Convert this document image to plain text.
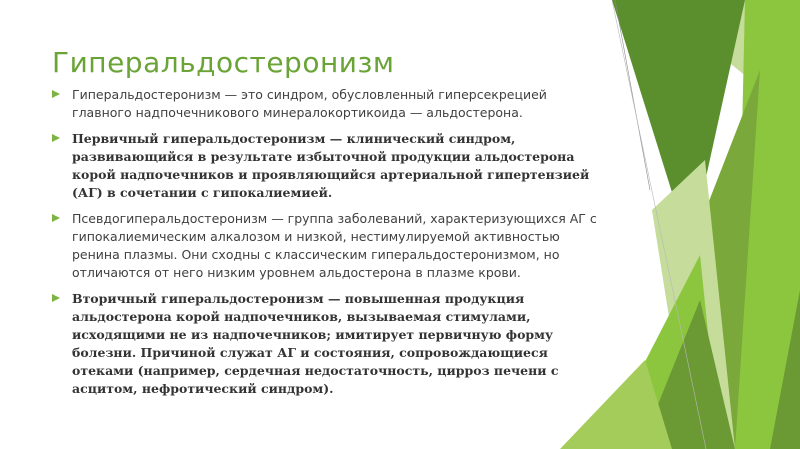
Гиперальдостеронизм
Гиперальдостеронизм — это синдром, обусловленный гиперсекрецией главного надпочечникового минералокортикоида — альдостерона.
Первичный гиперальдостеронизм — клинический синдром, развивающийся в результате избыточной продукции альдостерона корой надпочечников и проявляющийся артериальной гипертензией (АГ) в сочетании с гипокалиемией.
Псевдогиперальдостеронизм — группа заболеваний, характеризующихся АГ с гипокалиемическим алкалозом и низкой, нестимулируемой активностью ренина плазмы. Они сходны с классическим гиперальдостеронизмом, но отличаются от него низким уровнем альдостерона в плазме крови.
Вторичный гиперальдостеронизм — повышенная продукция альдостерона корой надпочечников, вызываемая стимулами, исходящими не из надпочечников; имитирует первичную форму болезни. Причиной служат АГ и состояния, сопровождающиеся отеками (например, сердечная недостаточность, цирроз печени с асцитом, нефротический синдром).
